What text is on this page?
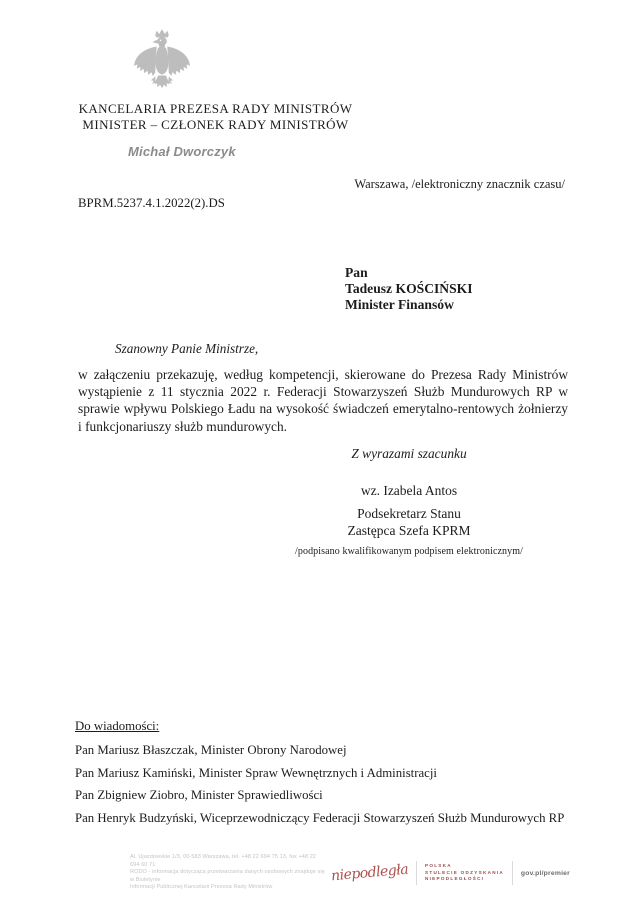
KANCELARIA PREZESA RADY MINISTRÓW
MINISTER – CZŁONEK RADY MINISTRÓW
Michał Dworczyk
Warszawa, /elektroniczny znacznik czasu/
BPRM.5237.4.1.2022(2).DS
Pan
Tadeusz KOŚCIŃSKI
Minister Finansów
Szanowny Panie Ministrze,

w załączeniu przekazuję, według kompetencji, skierowane do Prezesa Rady Ministrów wystąpienie z 11 stycznia 2022 r. Federacji Stowarzyszeń Służb Mundurowych RP w sprawie wpływu Polskiego Ładu na wysokość świadczeń emerytalno-rentowych żołnierzy i funkcjonariuszy służb mundurowych.

Z wyrazami szacunku
wz. Izabela Antos
Podsekretarz Stanu
Zastępca Szefa KPRM
/podpisano kwalifikowanym podpisem elektronicznym/
Do wiadomości:
Pan Mariusz Błaszczak, Minister Obrony Narodowej
Pan Mariusz Kamiński, Minister Spraw Wewnętrznych i Administracji
Pan Zbigniew Ziobro, Minister Sprawiedliwości
Pan Henryk Budzyński, Wiceprzewodniczący Federacji Stowarzyszeń Służb Mundurowych RP
Al. Ujazdowskie 1/3, 00-583 Warszawa, tel. +48 22 694 75 13, fax +48 22 694 60 71
RODO - informacja dotycząca przetwarzania danych osobowych znajduje się w Biuletynie
Informacji Publicznej Kancelarii Prezesa Rady Ministrów
niepodległa	POLSKA
STULECIE ODZYSKANIA
NIEPODLEGŁOŚCI
gov.pl/premier
